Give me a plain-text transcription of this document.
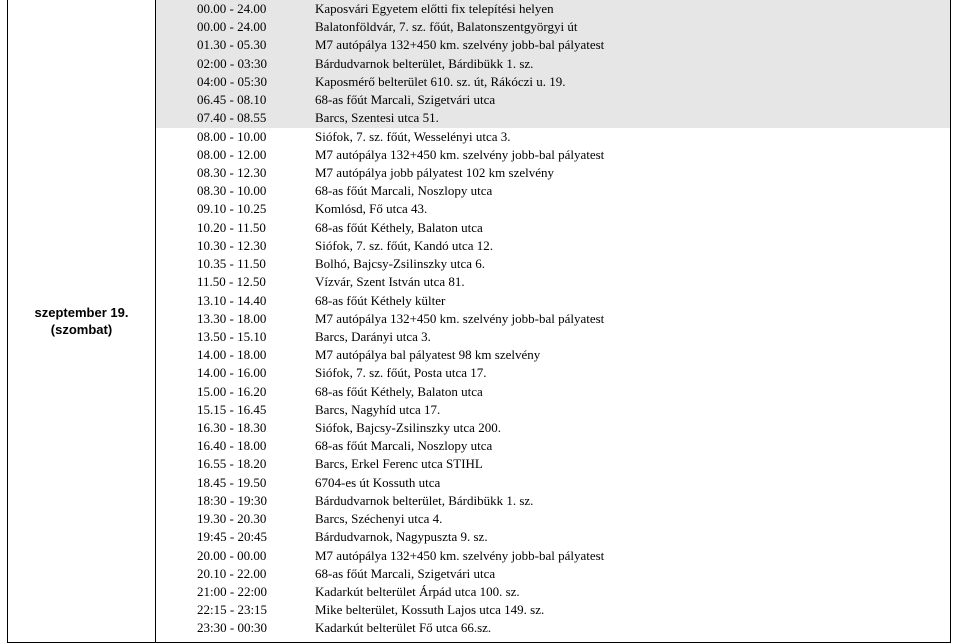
szeptember 19.
(szombat)
00.00 - 24.00	Kaposvári Egyetem előtti fix telepítési helyen
00.00 - 24.00	Balatonföldvár, 7. sz. főút, Balatonszentgyörgyi út
01.30 - 05.30	M7 autópálya 132+450 km. szelvény jobb-bal pályatest
02:00 - 03:30	Bárdudvarnok belterület, Bárdibükk 1. sz.
04:00 - 05:30	Kaposmérő belterület 610. sz. út, Rákóczi u. 19.
06.45 - 08.10	68-as főút Marcali, Szigetvári utca
07.40 - 08.55	Barcs, Szentesi utca 51.
08.00 - 10.00	Siófok, 7. sz. főút, Wesselényi utca 3.
08.00 - 12.00	M7 autópálya 132+450 km. szelvény jobb-bal pályatest
08.30 - 12.30	M7 autópálya jobb pályatest 102 km szelvény
08.30 - 10.00	68-as főút Marcali, Noszlopy utca
09.10 - 10.25	Komlósd, Fő utca 43.
10.20 - 11.50	68-as főút Kéthely, Balaton utca
10.30 - 12.30	Siófok, 7. sz. főút, Kandó utca 12.
10.35 - 11.50	Bolhó, Bajcsy-Zsilinszky utca 6.
11.50 - 12.50	Vízvár, Szent István utca 81.
13.10 - 14.40	68-as főút Kéthely külter
13.30 - 18.00	M7 autópálya 132+450 km. szelvény jobb-bal pályatest
13.50 - 15.10	Barcs, Darányi utca 3.
14.00 - 18.00	M7 autópálya bal pályatest 98 km szelvény
14.00 - 16.00	Siófok, 7. sz. főút, Posta utca 17.
15.00 - 16.20	68-as főút Kéthely, Balaton utca
15.15 - 16.45	Barcs, Nagyhíd utca 17.
16.30 - 18.30	Siófok, Bajcsy-Zsilinszky utca 200.
16.40 - 18.00	68-as főút Marcali, Noszlopy utca
16.55 - 18.20	Barcs, Erkel Ferenc utca STIHL
18.45 - 19.50	6704-es út Kossuth utca
18:30 - 19:30	Bárdudvarnok belterület, Bárdibükk 1. sz.
19.30 - 20.30	Barcs, Széchenyi utca 4.
19:45 - 20:45	Bárdudvarnok, Nagypuszta 9. sz.
20.00 - 00.00	M7 autópálya 132+450 km. szelvény jobb-bal pályatest
20.10 - 22.00	68-as főút Marcali, Szigetvári utca
21:00 - 22:00	Kadarkút belterület Árpád utca 100. sz.
22:15 - 23:15	Mike belterület, Kossuth Lajos utca 149. sz.
23:30 - 00:30	Kadarkút belterület Fő utca 66.sz.
